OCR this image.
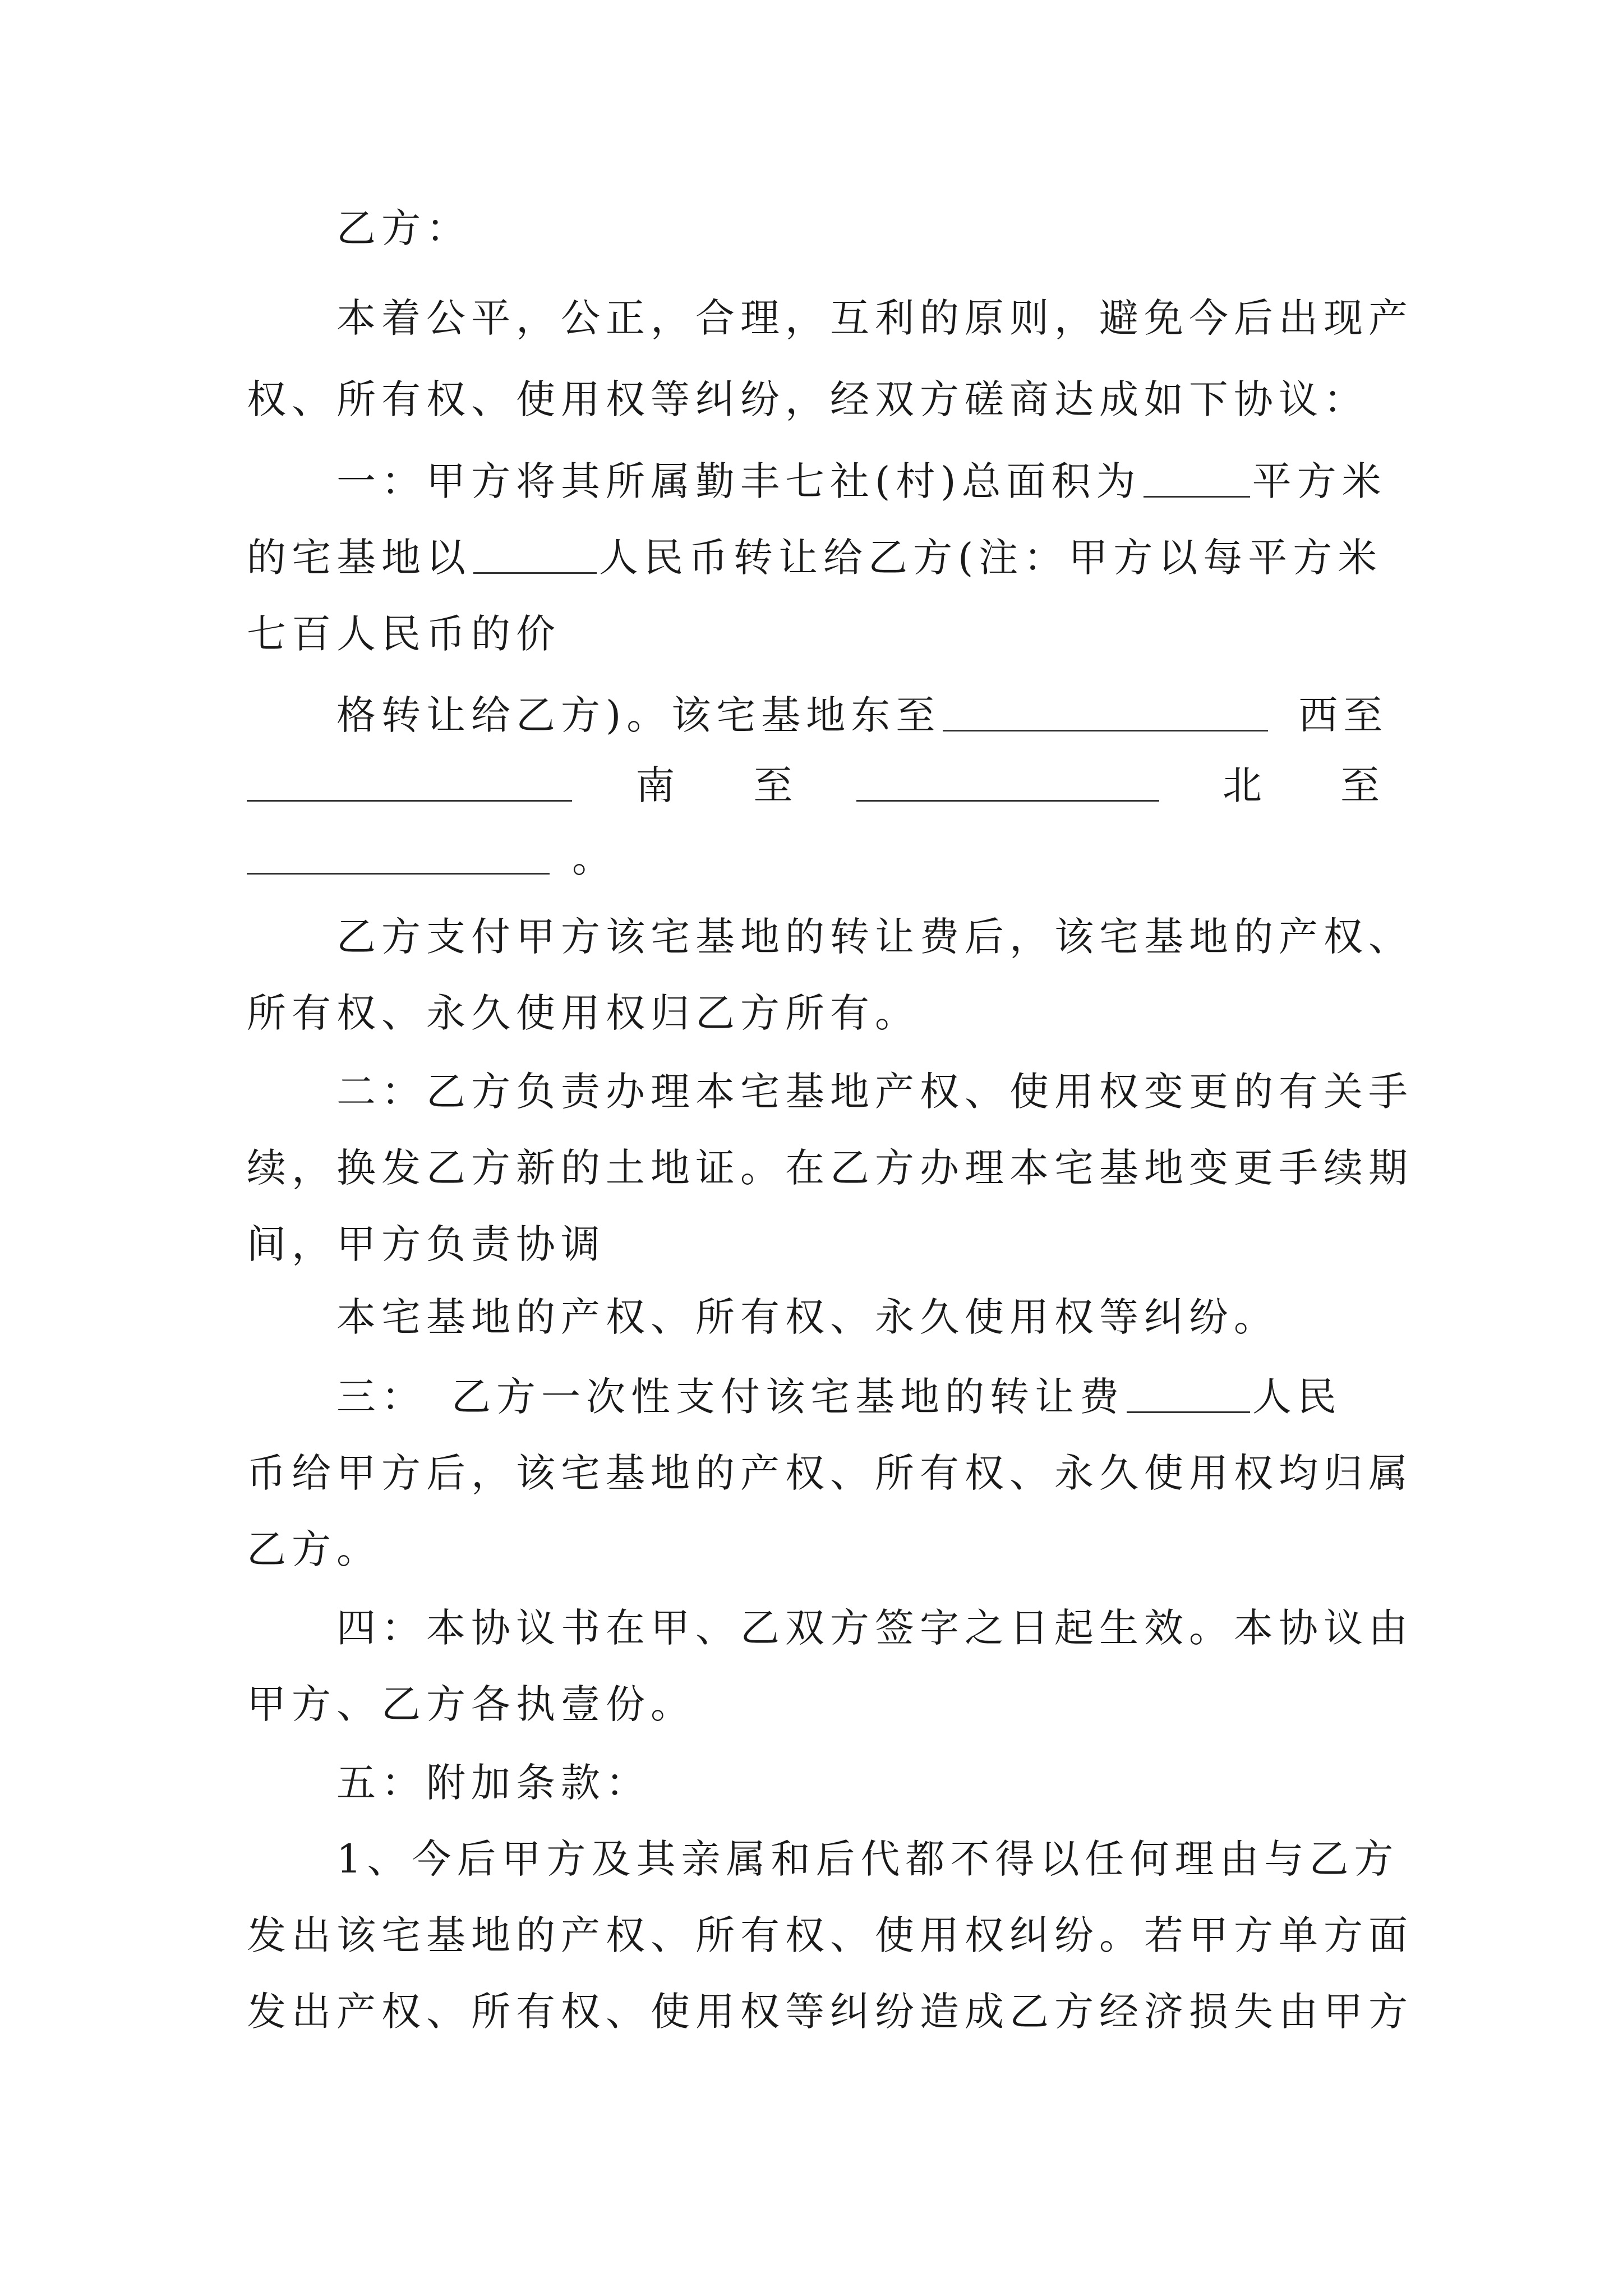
乙方：
本着公平，公正，合理，互利的原则，避免今后出现产
权、所有权、使用权等纠纷，经双方磋商达成如下协议：
一：甲方将其所属勤丰七社(村)总面积为	平方米
的宅基地以	人民币转让给乙方(注：甲方以每平方米
七百人民币的价
格转让给乙方)。该宅基地东至	西至
南　　至	北　　至
。
乙方支付甲方该宅基地的转让费后，该宅基地的产权、
所有权、永久使用权归乙方所有。
二：乙方负责办理本宅基地产权、使用权变更的有关手
续，换发乙方新的土地证。在乙方办理本宅基地变更手续期
间，甲方负责协调
本宅基地的产权、所有权、永久使用权等纠纷。
三：　乙方一次性支付该宅基地的转让费	人民
币给甲方后，该宅基地的产权、所有权、永久使用权均归属
乙方。
四：本协议书在甲、乙双方签字之日起生效。本协议由
甲方、乙方各执壹份。
五：附加条款：
1、今后甲方及其亲属和后代都不得以任何理由与乙方
发出该宅基地的产权、所有权、使用权纠纷。若甲方单方面
发出产权、所有权、使用权等纠纷造成乙方经济损失由甲方
